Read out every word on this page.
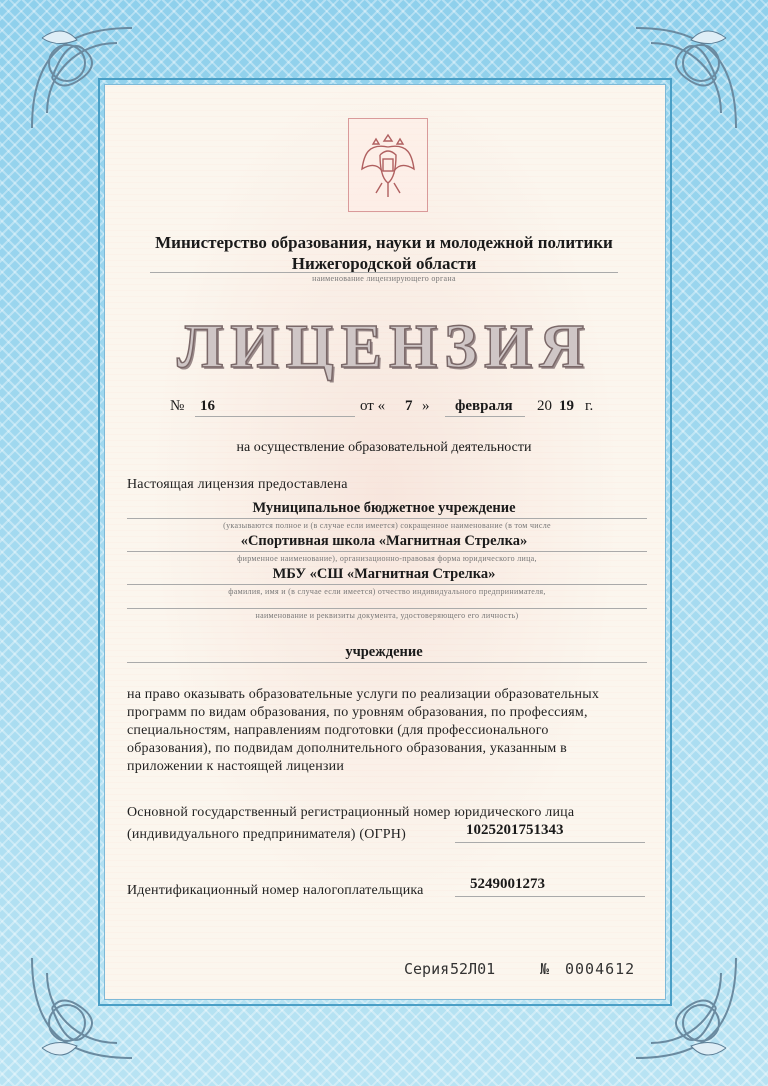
Министерство образования, науки и молодежной политики
Нижегородской области
наименование лицензирующего органа
ЛИЦЕНЗИЯ
№ 16	от « 7 » февраля 20 19 г.
на осуществление образовательной деятельности
Настоящая лицензия предоставлена
Муниципальное бюджетное учреждение
(указываются полное и (в случае если имеется) сокращенное наименование (в том числе
«Спортивная школа «Магнитная Стрелка»
фирменное наименование), организационно-правовая форма юридического лица,
МБУ «СШ «Магнитная Стрелка»
фамилия, имя и (в случае если имеется) отчество индивидуального предпринимателя,
наименование и реквизиты документа, удостоверяющего его личность)
учреждение
на право оказывать образовательные услуги по реализации образовательных
программ по видам образования, по уровням образования, по профессиям,
специальностям, направлениям подготовки (для профессионального
образования), по подвидам дополнительного образования, указанным в
приложении к настоящей лицензии
Основной государственный регистрационный номер юридического лица
(индивидуального предпринимателя) (ОГРН)	1025201751343
Идентификационный номер налогоплательщика	5249001273
Серия 52Л01	№ 0004612
